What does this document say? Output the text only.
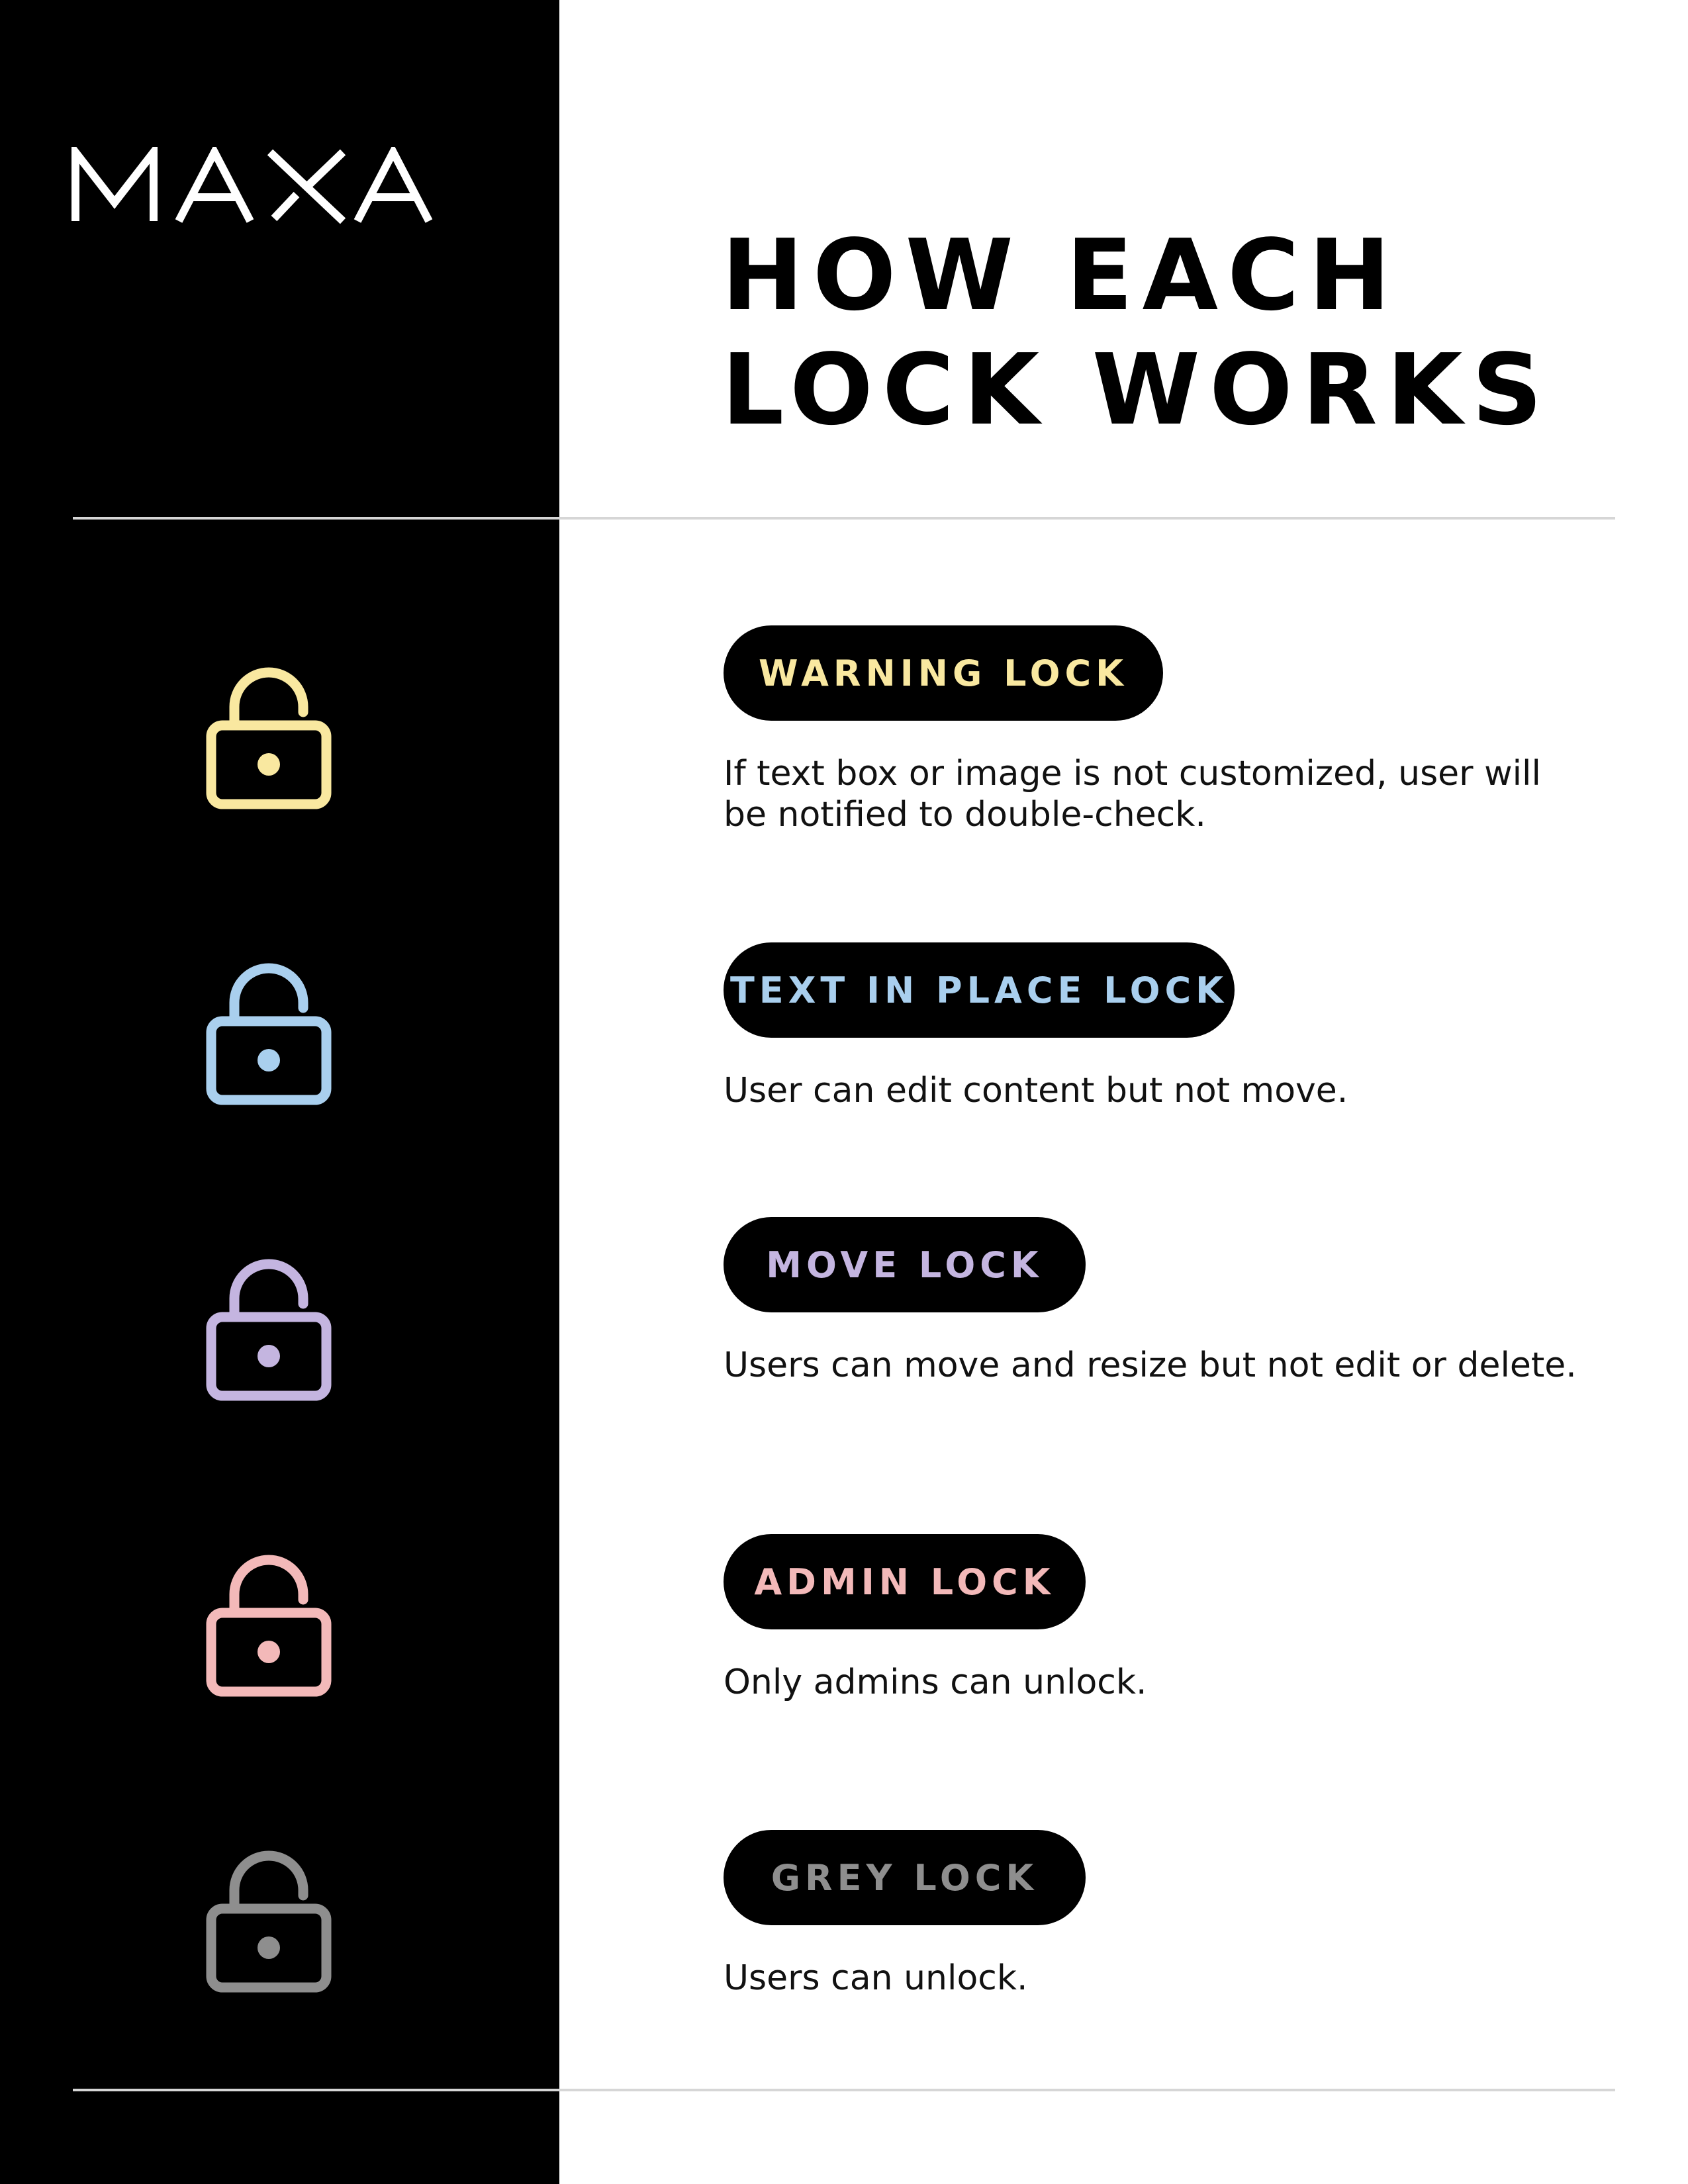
HOW EACH
LOCK WORKS
WARNING LOCK

If text box or image is not customized, user will be notified to double-check.

TEXT IN PLACE LOCK

User can edit content but not move.

MOVE LOCK

Users can move and resize but not edit or delete.

ADMIN LOCK

Only admins can unlock.

GREY LOCK

Users can unlock.
